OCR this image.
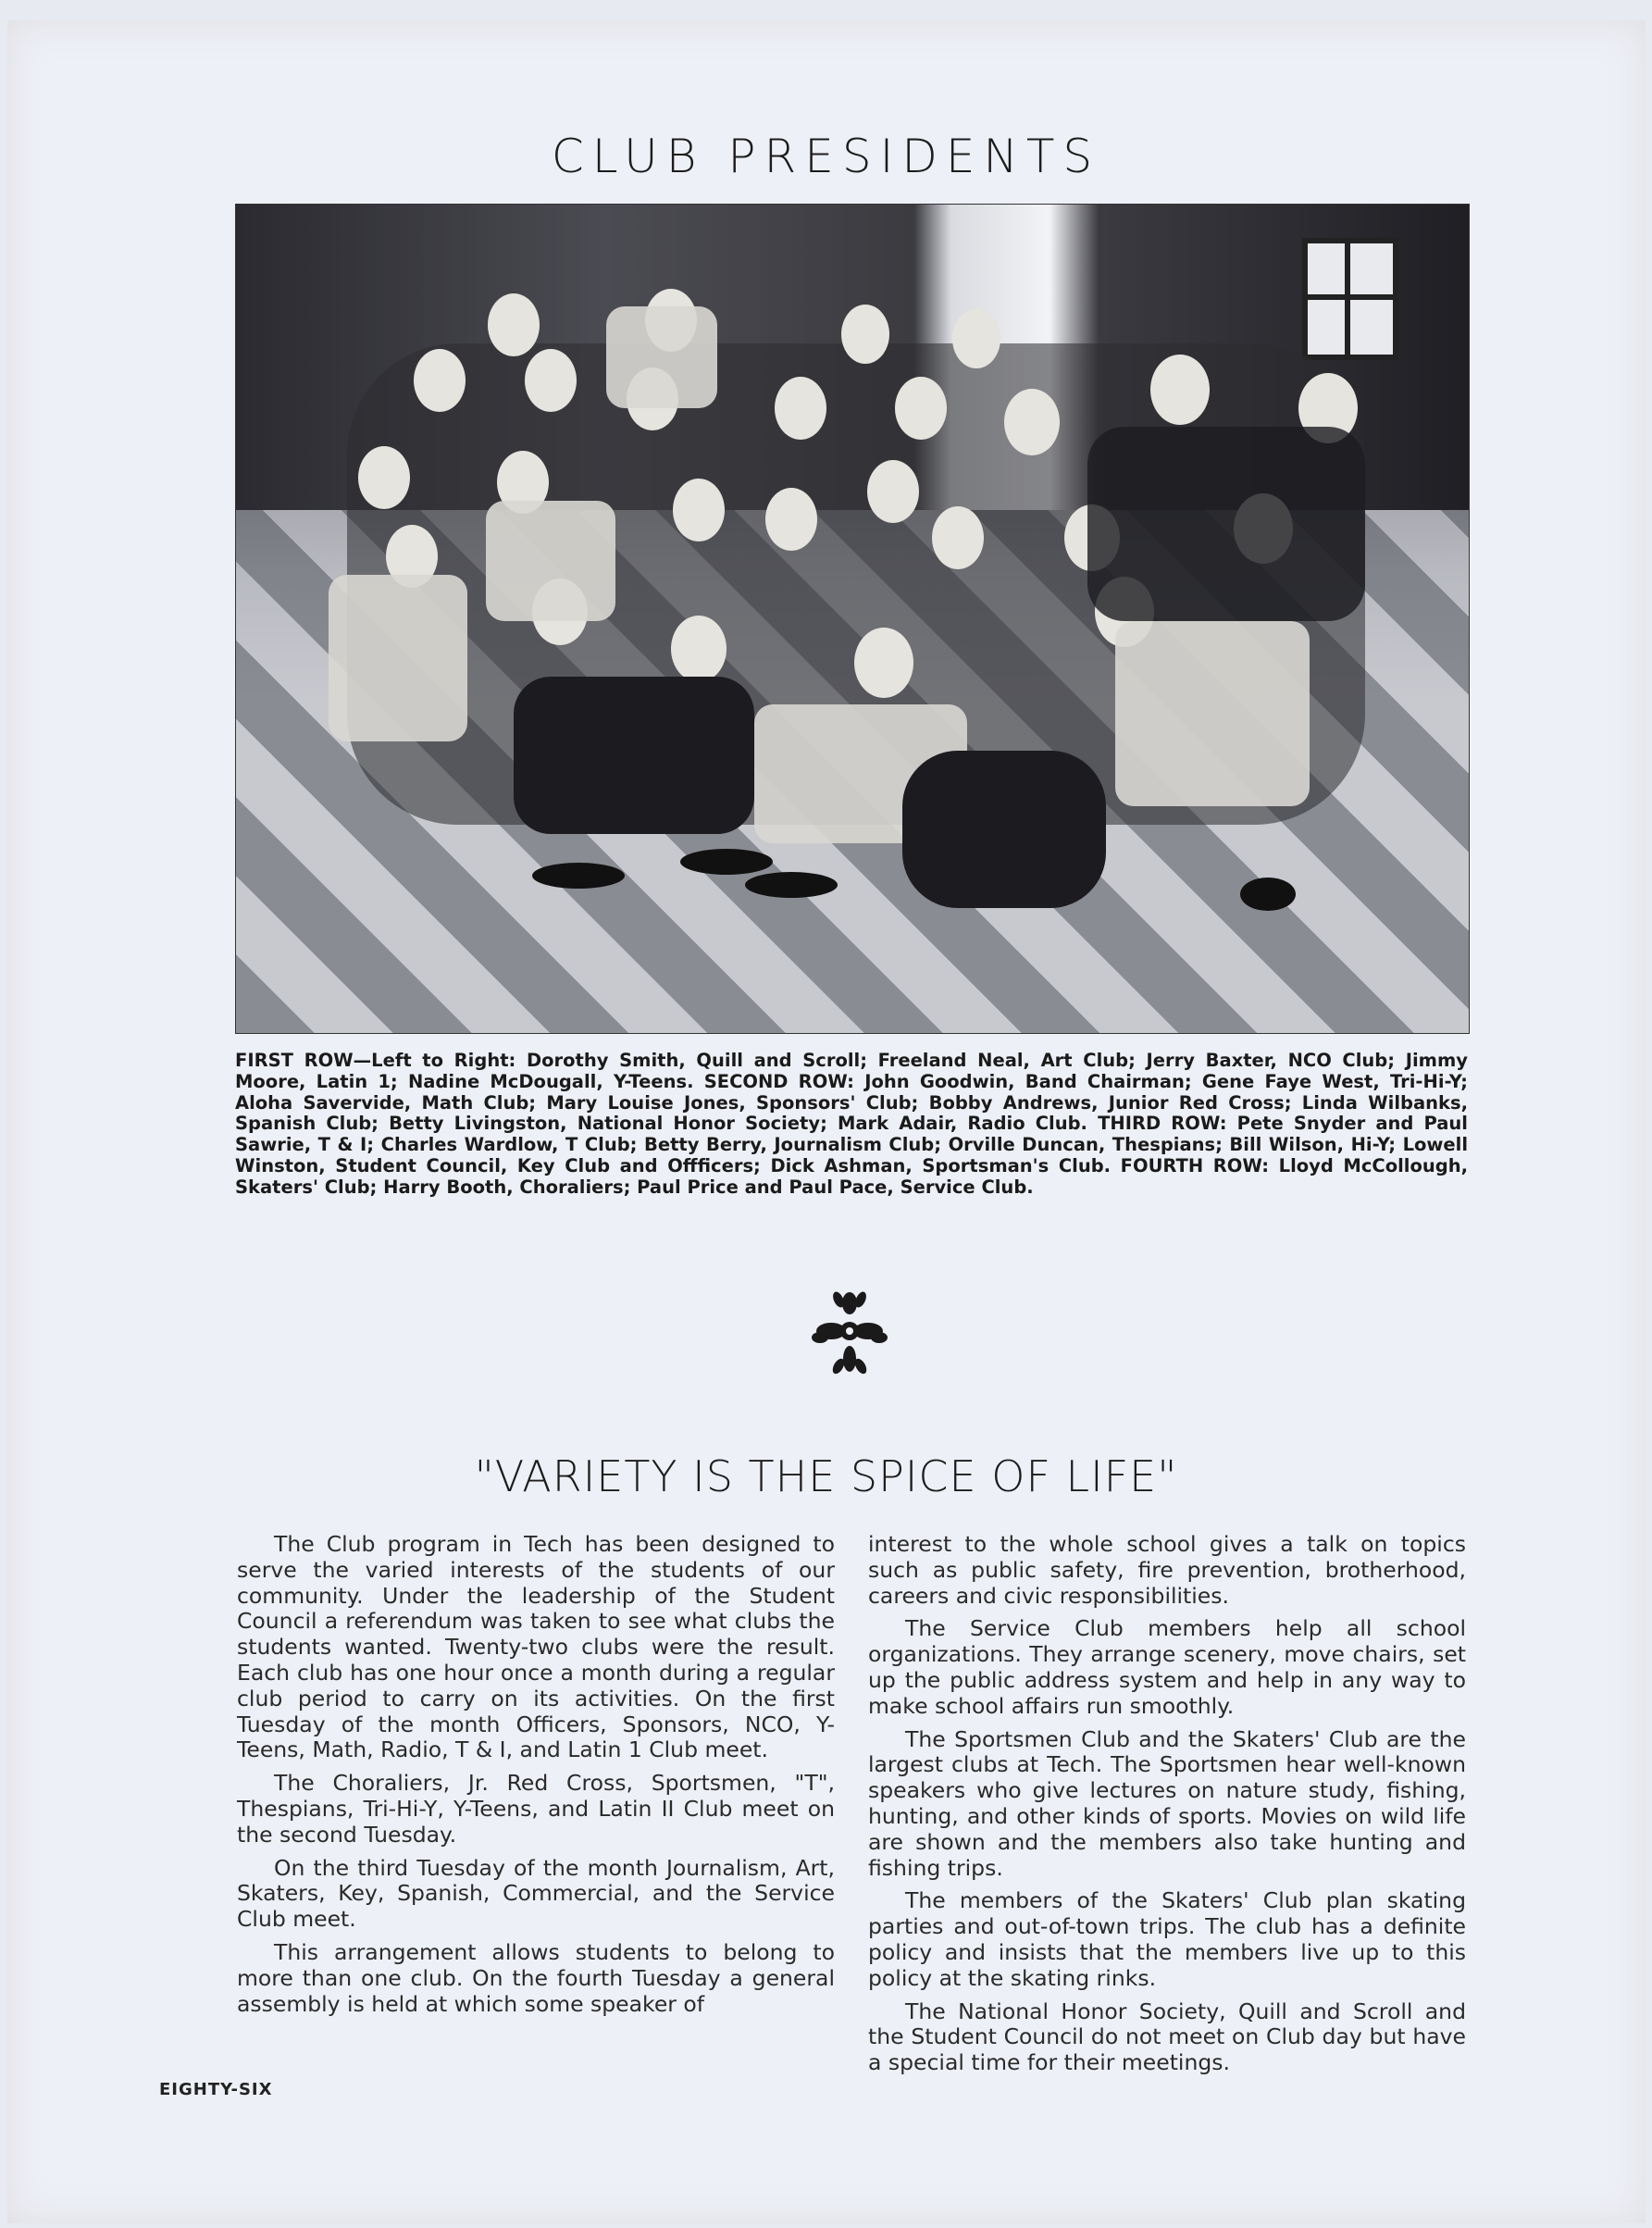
CLUB PRESIDENTS
FIRST ROW—Left to Right: Dorothy Smith, Quill and Scroll; Freeland Neal, Art Club; Jerry Baxter, NCO Club; Jimmy Moore, Latin 1; Nadine McDougall, Y-Teens. SECOND ROW: John Goodwin, Band Chairman; Gene Faye West, Tri-Hi-Y; Aloha Savervide, Math Club; Mary Louise Jones, Sponsors' Club; Bobby Andrews, Junior Red Cross; Linda Wilbanks, Spanish Club; Betty Livingston, National Honor Society; Mark Adair, Radio Club. THIRD ROW: Pete Snyder and Paul Sawrie, T & I; Charles Wardlow, T Club; Betty Berry, Journalism Club; Orville Duncan, Thespians; Bill Wilson, Hi-Y; Lowell Winston, Student Council, Key Club and Offficers; Dick Ashman, Sportsman's Club. FOURTH ROW: Lloyd McCollough, Skaters' Club; Harry Booth, Choraliers; Paul Price and Paul Pace, Service Club.
"VARIETY IS THE SPICE OF LIFE"

The Club program in Tech has been designed to serve the varied interests of the students of our community. Under the leadership of the Student Council a referendum was taken to see what clubs the students wanted. Twenty-two clubs were the result. Each club has one hour once a month during a regular club period to carry on its activities. On the first Tuesday of the month Officers, Sponsors, NCO, Y-Teens, Math, Radio, T & I, and Latin 1 Club meet.

The Choraliers, Jr. Red Cross, Sportsmen, "T", Thespians, Tri-Hi-Y, Y-Teens, and Latin II Club meet on the second Tuesday.

On the third Tuesday of the month Journalism, Art, Skaters, Key, Spanish, Commercial, and the Service Club meet.

This arrangement allows students to belong to more than one club. On the fourth Tuesday a general assembly is held at which some speaker of

interest to the whole school gives a talk on topics such as public safety, fire prevention, brotherhood, careers and civic responsibilities.

The Service Club members help all school organizations. They arrange scenery, move chairs, set up the public address system and help in any way to make school affairs run smoothly.

The Sportsmen Club and the Skaters' Club are the largest clubs at Tech. The Sportsmen hear well-known speakers who give lectures on nature study, fishing, hunting, and other kinds of sports. Movies on wild life are shown and the members also take hunting and fishing trips.

The members of the Skaters' Club plan skating parties and out-of-town trips. The club has a definite policy and insists that the members live up to this policy at the skating rinks.

The National Honor Society, Quill and Scroll and the Student Council do not meet on Club day but have a special time for their meetings.

EIGHTY-SIX
